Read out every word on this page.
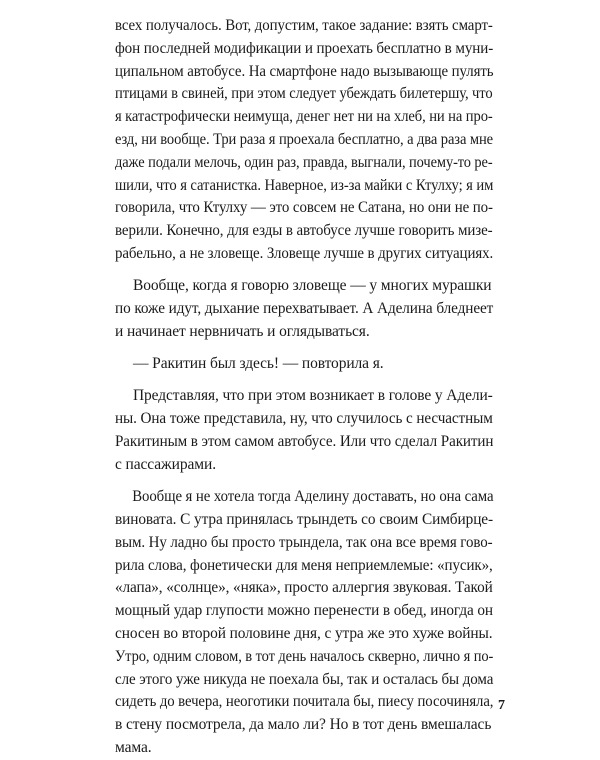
всех получалось. Вот, допустим, такое задание: взять смарт-
фон последней модификации и проехать бесплатно в муни-
ципальном автобусе. На смартфоне надо вызывающе пулять
птицами в свиней, при этом следует убеждать билетершу, что
я катастрофически неимуща, денег нет ни на хлеб, ни на про-
езд, ни вообще. Три раза я проехала бесплатно, а два раза мне
даже подали мелочь, один раз, правда, выгнали, почему-то ре-
шили, что я сатанистка. Наверное, из-за майки с Ктулху; я им
говорила, что Ктулху — это совсем не Сатана, но они не по-
верили. Конечно, для езды в автобусе лучше говорить мизе-
рабельно, а не зловеще. Зловеще лучше в других ситуациях.
Вообще, когда я говорю зловеще — у многих мурашки
по коже идут, дыхание перехватывает. А Аделина бледнеет
и начинает нервничать и оглядываться.
— Ракитин был здесь! — повторила я.
Представляя, что при этом возникает в голове у Адели-
ны. Она тоже представила, ну, что случилось с несчастным
Ракитиным в этом самом автобусе. Или что сделал Ракитин
с пассажирами.
Вообще я не хотела тогда Аделину доставать, но она сама
виновата. С утра принялась трындеть со своим Симбирце-
вым. Ну ладно бы просто трындела, так она все время гово-
рила слова, фонетически для меня неприемлемые: «пусик»,
«лапа», «солнце», «няка», просто аллергия звуковая. Такой
мощный удар глупости можно перенести в обед, иногда он
сносен во второй половине дня, с утра же это хуже войны.
Утро, одним словом, в тот день началось скверно, лично я по-
сле этого уже никуда не поехала бы, так и осталась бы дома
сидеть до вечера, неоготики почитала бы, пиесу посочиняла,
в стену посмотрела, да мало ли? Но в тот день вмешалась
мама.
7
